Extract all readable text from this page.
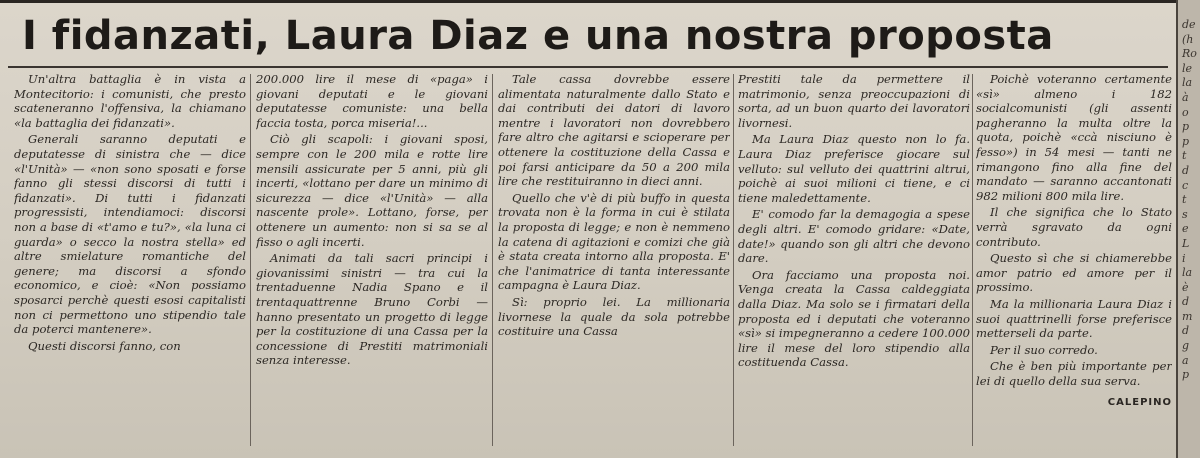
I fidanzati, Laura Diaz e una nostra proposta

Un'altra battaglia è in vista a Montecitorio: i comunisti, che presto scateneranno l'offensiva, la chiamano «la battaglia dei fidanzati».

Generali saranno deputati e deputatesse di sinistra che — dice «l'Unità» — «non sono sposati e forse fanno gli stessi discorsi di tutti i fidanzati». Di tutti i fidanzati progressisti, intendiamoci: discorsi non a base di «t'amo e tu?», «la luna ci guarda» o secco la nostra stella» ed altre smielature romantiche del genere; ma discorsi a sfondo economico, e cioè: «Non possiamo sposarci perchè questi esosi capitalisti non ci permettono uno stipendio tale da poterci mantenere».

Questi discorsi fanno, con

200.000 lire il mese di «paga» i giovani deputati e le giovani deputatesse comuniste: una bella faccia tosta, porca miseria!...

Ciò gli scapoli: i giovani sposi, sempre con le 200 mila e rotte lire mensili assicurate per 5 anni, più gli incerti, «lottano per dare un minimo di sicurezza — dice «l'Unità» — alla nascente prole». Lottano, forse, per ottenere un aumento: non si sa se al fisso o agli incerti.

Animati da tali sacri principi i giovanissimi sinistri — tra cui la trentaduenne Nadia Spano e il trentaquattrenne Bruno Corbi — hanno presentato un progetto di legge per la costituzione di una Cassa per la concessione di Prestiti matrimoniali senza interesse.

Tale cassa dovrebbe essere alimentata naturalmente dallo Stato e dai contributi dei datori di lavoro mentre i lavoratori non dovrebbero fare altro che agitarsi e scioperare per ottenere la costituzione della Cassa e poi farsi anticipare da 50 a 200 mila lire che restituiranno in dieci anni.

Quello che v'è di più buffo in questa trovata non è la forma in cui è stilata la proposta di legge; e non è nemmeno la catena di agitazioni e comizi che già è stata creata intorno alla proposta. E' che l'animatrice di tanta interessante campagna è Laura Diaz.

Sì: proprio lei. La millionaria livornese la quale da sola potrebbe costituire una Cassa

Prestiti tale da permettere il matrimonio, senza preoccupazioni di sorta, ad un buon quarto dei lavoratori livornesi.

Ma Laura Diaz questo non lo fa. Laura Diaz preferisce giocare sul velluto: sul velluto dei quattrini altrui, poichè ai suoi milioni ci tiene, e ci tiene maledettamente.

E' comodo far la demagogia a spese degli altri. E' comodo gridare: «Date, date!» quando son gli altri che devono dare.

Ora facciamo una proposta noi. Venga creata la Cassa caldeggiata dalla Diaz. Ma solo se i firmatari della proposta ed i deputati che voteranno «sì» si impegneranno a cedere 100.000 lire il mese del loro stipendio alla costituenda Cassa.

Poichè voteranno certamente «sì» almeno i 182 socialcomunisti (gli assenti pagheranno la multa oltre la quota, poichè «ccà nisciuno è fesso») in 54 mesi — tanti ne rimangono fino alla fine del mandato — saranno accantonati 982 milioni 800 mila lire.

Il che significa che lo Stato verrà sgravato da ogni contributo.

Questo sì che si chiamerebbe amor patrio ed amore per il prossimo.

Ma la millionaria Laura Diaz i suoi quattrinelli forse preferisce metterseli da parte.

Per il suo corredo.

Che è ben più importante per lei di quello della sua serva.

CALEPINO
de
(h
Ro
le
la
à
o
p
p
t
d
c
t
s
e
L
i
la
è
d
m
d
g
a
p
